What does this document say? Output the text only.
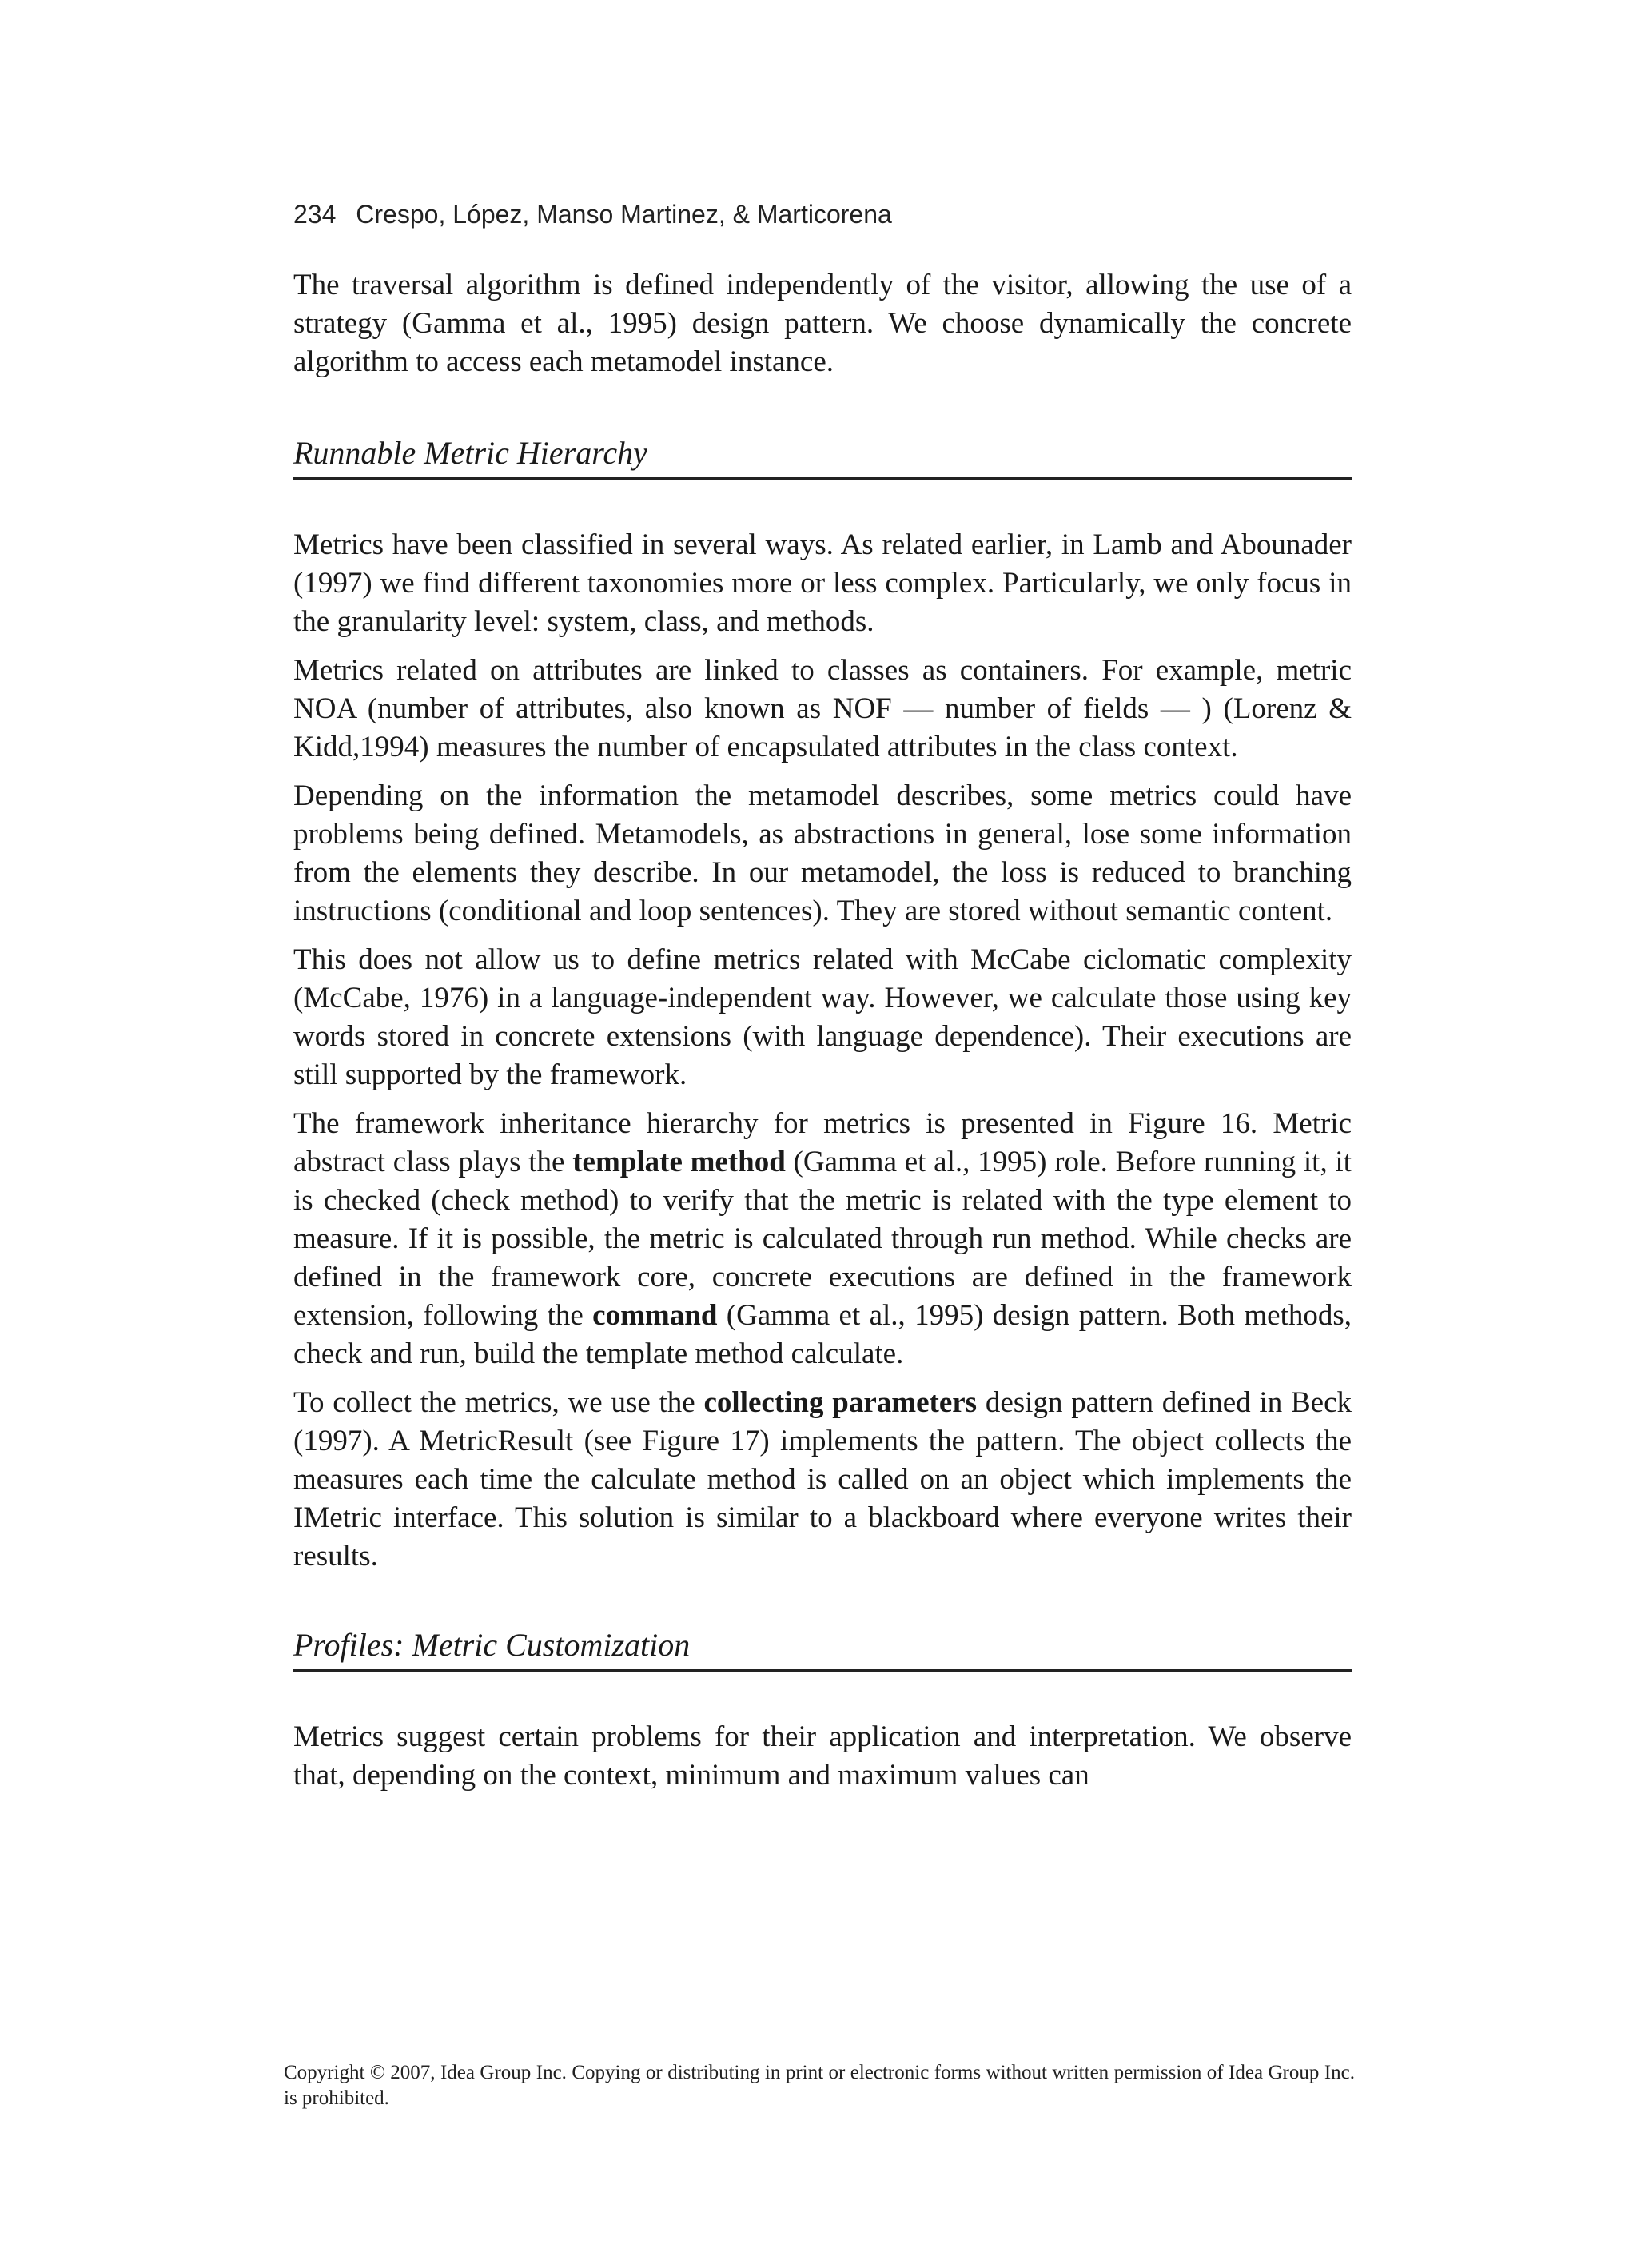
234 Crespo, López, Manso Martinez, & Marticorena

The traversal algorithm is defined independently of the visitor, allowing the use of a strategy (Gamma et al., 1995) design pattern. We choose dynamically the concrete algorithm to access each metamodel instance.

Runnable Metric Hierarchy

Metrics have been classified in several ways. As related earlier, in Lamb and Abounader (1997) we find different taxonomies more or less complex. Particularly, we only focus in the granularity level: system, class, and methods.

Metrics related on attributes are linked to classes as containers. For example, metric NOA (number of attributes, also known as NOF — number of fields — ) (Lorenz & Kidd,1994) measures the number of encapsulated attributes in the class context.

Depending on the information the metamodel describes, some metrics could have problems being defined. Metamodels, as abstractions in general, lose some information from the elements they describe. In our metamodel, the loss is reduced to branching instructions (conditional and loop sentences). They are stored without semantic content.

This does not allow us to define metrics related with McCabe ciclomatic complexity (McCabe, 1976) in a language-independent way. However, we calculate those using key words stored in concrete extensions (with language dependence). Their executions are still supported by the framework.

The framework inheritance hierarchy for metrics is presented in Figure 16. Metric abstract class plays the template method (Gamma et al., 1995) role. Before running it, it is checked (check method) to verify that the metric is related with the type element to measure. If it is possible, the metric is calculated through run method. While checks are defined in the framework core, concrete executions are defined in the framework extension, following the command (Gamma et al., 1995) design pattern. Both methods, check and run, build the template method calculate.

To collect the metrics, we use the collecting parameters design pattern defined in Beck (1997). A MetricResult (see Figure 17) implements the pattern. The object collects the measures each time the calculate method is called on an object which implements the IMetric interface. This solution is similar to a blackboard where everyone writes their results.

Profiles: Metric Customization

Metrics suggest certain problems for their application and interpretation. We observe that, depending on the context, minimum and maximum values can

Copyright © 2007, Idea Group Inc. Copying or distributing in print or electronic forms without written permission of Idea Group Inc. is prohibited.
